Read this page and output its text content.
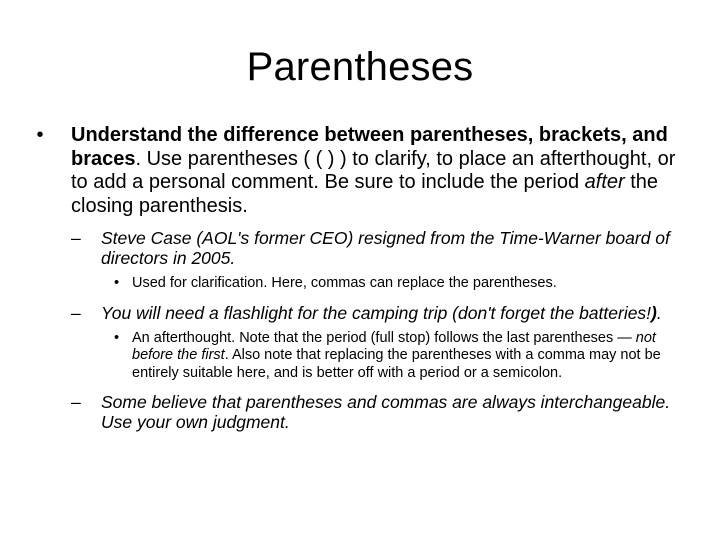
Parentheses
•	Understand the difference between parentheses, brackets, and braces. Use parentheses ( ( ) ) to clarify, to place an afterthought, or to add a personal comment. Be sure to include the period after the closing parenthesis.
– Steve Case (AOL's former CEO) resigned from the Time-Warner board of directors in 2005.
• Used for clarification. Here, commas can replace the parentheses.
– You will need a flashlight for the camping trip (don't forget the batteries!).
• An afterthought. Note that the period (full stop) follows the last parentheses — not before the first. Also note that replacing the parentheses with a comma may not be entirely suitable here, and is better off with a period or a semicolon.
– Some believe that parentheses and commas are always interchangeable. Use your own judgment.
